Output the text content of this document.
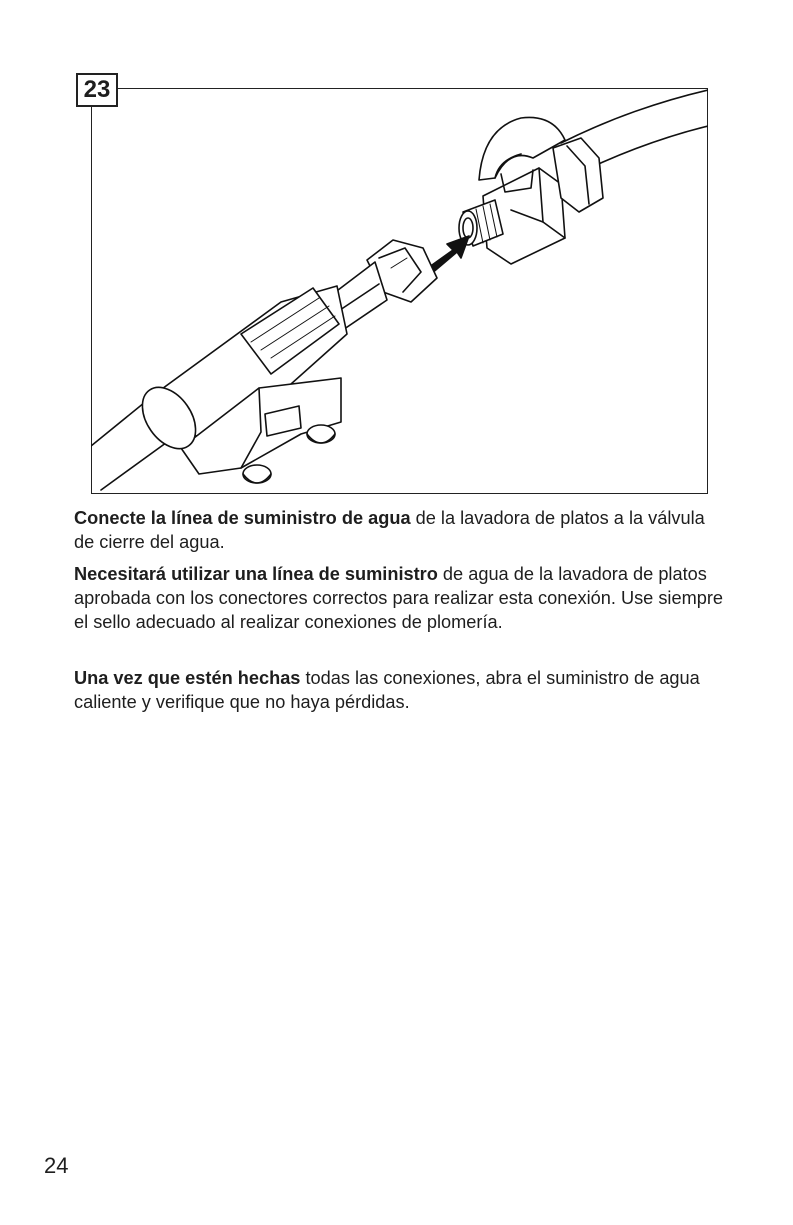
23

Conecte la línea de suministro de agua de la lavadora de platos a la válvula de cierre del agua.

Necesitará utilizar una línea de suministro de agua de la lavadora de platos aprobada con los conectores correctos para realizar esta conexión. Use siempre el sello adecuado al realizar conexiones de plomería.

Una vez que estén hechas todas las conexiones, abra el suministro de agua caliente y verifique que no haya pérdidas.

24
